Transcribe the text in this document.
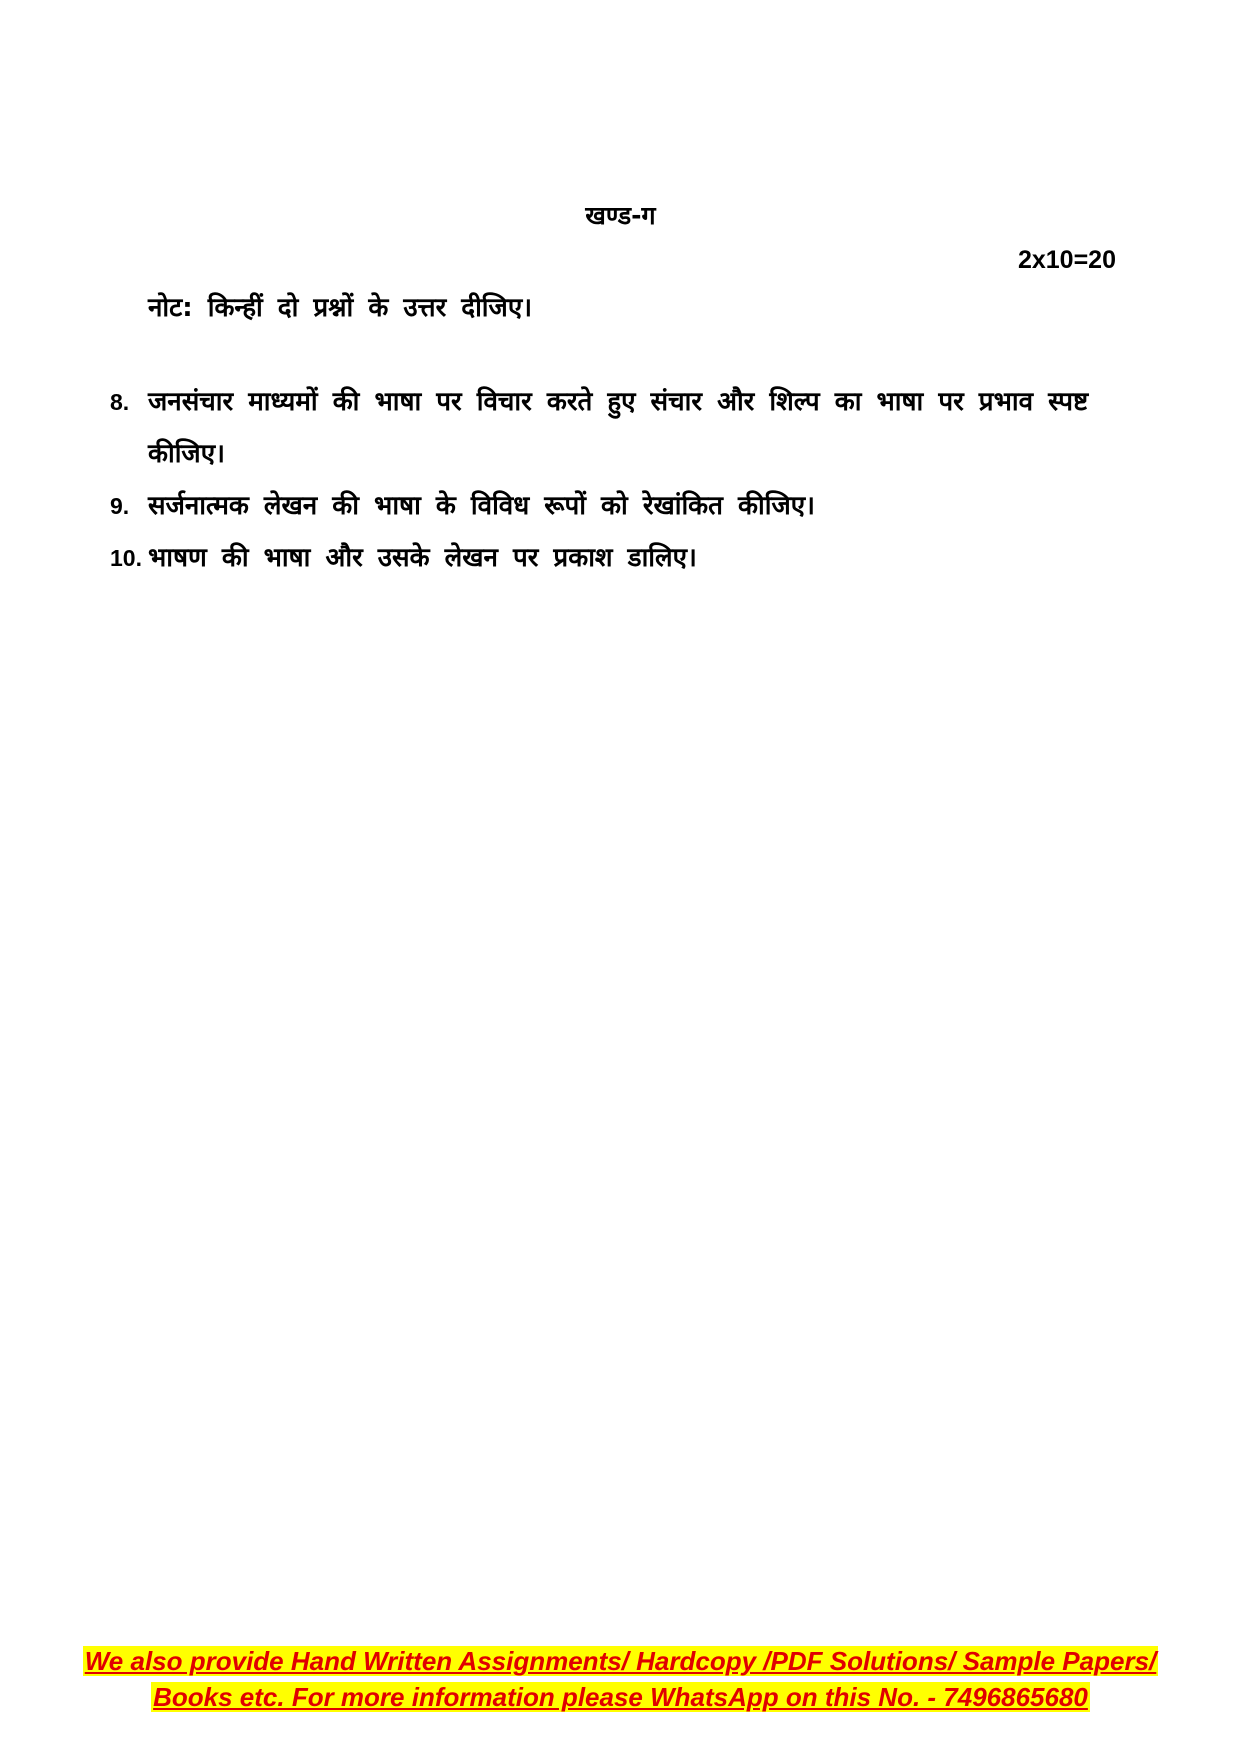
खण्ड-ग
2x10=20
नोट: किन्हीं दो प्रश्नों के उत्तर दीजिए।
8. जनसंचार माध्यमों की भाषा पर विचार करते हुए संचार और शिल्प का भाषा पर प्रभाव स्पष्ट कीजिए।
9. सर्जनात्मक लेखन की भाषा के विविध रूपों को रेखांकित कीजिए।
10. भाषण की भाषा और उसके लेखन पर प्रकाश डालिए।
We also provide Hand Written Assignments/ Hardcopy /PDF Solutions/ Sample Papers/
Books etc. For more information please WhatsApp on this No. - 7496865680
